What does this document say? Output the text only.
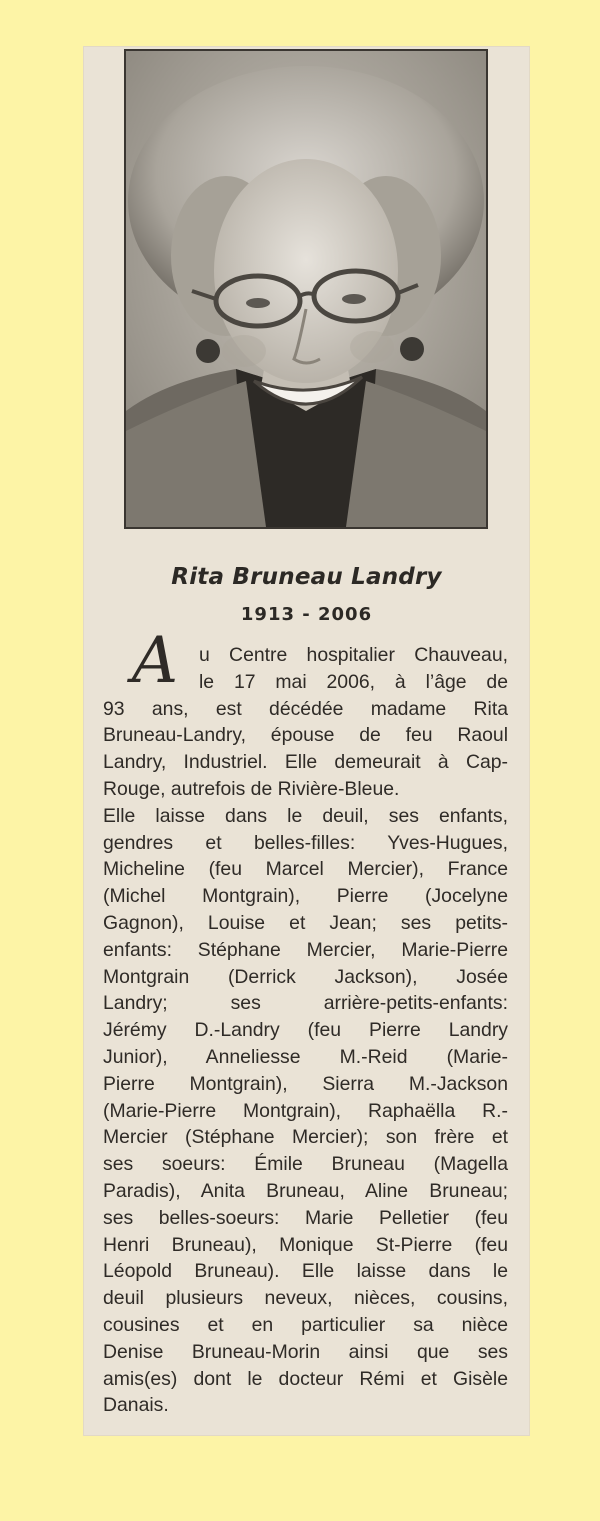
Rita Bruneau Landry
1913 - 2006
A	u Centre hospitalier Chauveau,
le 17 mai 2006, à l’âge de
93 ans, est décédée madame Rita
Bruneau-Landry, épouse de feu Raoul
Landry, Industriel. Elle demeurait à Cap-
Rouge, autrefois de Rivière-Bleue.
Elle laisse dans le deuil, ses enfants,
gendres et belles-filles: Yves-Hugues,
Micheline (feu Marcel Mercier), France
(Michel Montgrain), Pierre (Jocelyne
Gagnon), Louise et Jean; ses petits-
enfants: Stéphane Mercier, Marie-Pierre
Montgrain (Derrick Jackson), Josée
Landry; ses arrière-petits-enfants:
Jérémy D.-Landry (feu Pierre Landry
Junior), Anneliesse M.-Reid (Marie-
Pierre Montgrain), Sierra M.-Jackson
(Marie-Pierre Montgrain), Raphaëlla R.-
Mercier (Stéphane Mercier); son frère et
ses soeurs: Émile Bruneau (Magella
Paradis), Anita Bruneau, Aline Bruneau;
ses belles-soeurs: Marie Pelletier (feu
Henri Bruneau), Monique St-Pierre (feu
Léopold Bruneau). Elle laisse dans le
deuil plusieurs neveux, nièces, cousins,
cousines et en particulier sa nièce
Denise Bruneau-Morin ainsi que ses
amis(es) dont le docteur Rémi et Gisèle
Danais.
